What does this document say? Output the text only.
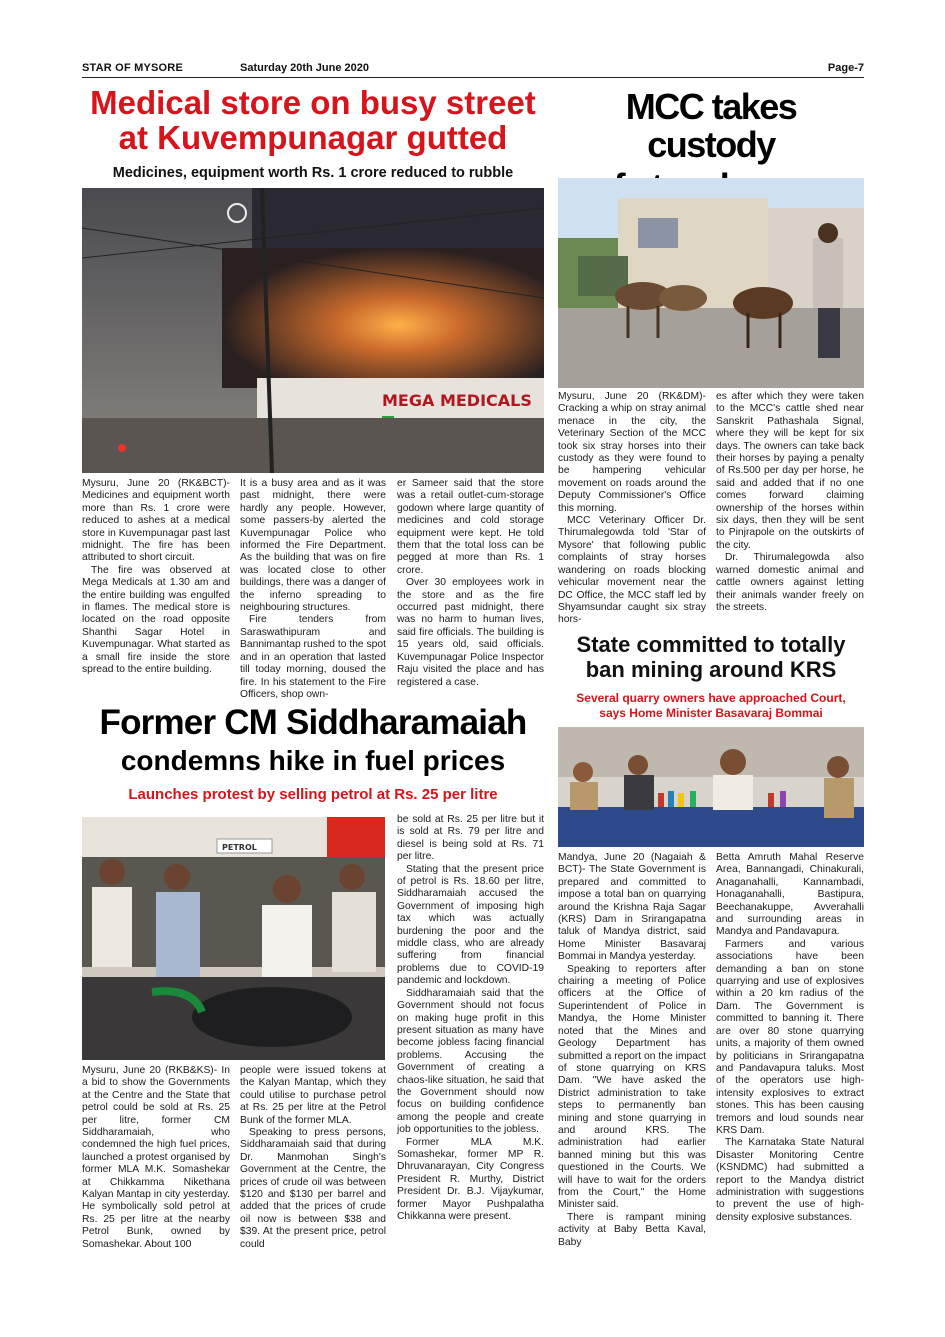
STAR OF MYSORE	Saturday 20th June 2020	Page-7
Medical store on busy street
at Kuvempunagar gutted
Medicines, equipment worth Rs. 1 crore reduced to rubble
MEGA MEDICALS

Mysuru, June 20 (RK&BCT)- Medicines and equipment worth more than Rs. 1 crore were reduced to ashes at a medical store in Kuvempunagar past last midnight. The fire has been attributed to short circuit.

The fire was observed at Mega Medicals at 1.30 am and the entire building was engulfed in flames. The medical store is located on the road opposite Shanthi Sagar Hotel in Kuvempunagar. What started as a small fire inside the store spread to the entire building.

It is a busy area and as it was past midnight, there were hardly any people. However, some passers-by alerted the Kuvempunagar Police who informed the Fire Department. As the building that was on fire was located close to other buildings, there was a danger of the inferno spreading to neighbouring structures.

Fire tenders from Saraswathipuram and Bannimantap rushed to the spot and in an operation that lasted till today morning, doused the fire. In his statement to the Fire Officers, shop own-

er Sameer said that the store was a retail outlet-cum-storage godown where large quantity of medicines and cold storage equipment were kept. He told them that the total loss can be pegged at more than Rs. 1 crore.

Over 30 employees work in the store and as the fire occurred past midnight, there was no harm to human lives, said fire officials. The building is 15 years old, said officials. Kuvempunagar Police Inspector Raju visited the place and has registered a case.

MCC takes custody

Mysuru, June 20 (RK&DM)- Cracking a whip on stray animal menace in the city, the Veterinary Section of the MCC took six stray horses into their custody as they were found to be hampering vehicular movement on roads around the Deputy Commissioner's Office this morning.

MCC Veterinary Officer Dr. Thirumalegowda told 'Star of Mysore' that following public complaints of stray horses wandering on roads blocking vehicular movement near the DC Office, the MCC staff led by Shyamsundar caught six stray hors-

es after which they were taken to the MCC's cattle shed near Sanskrit Pathashala Signal, where they will be kept for six days. The owners can take back their horses by paying a penalty of Rs.500 per day per horse, he said and added that if no one comes forward claiming ownership of the horses within six days, then they will be sent to Pinjrapole on the outskirts of the city.

Dr. Thirumalegowda also warned domestic animal and cattle owners against letting their animals wander freely on the streets.

State committed to totally
ban mining around KRS
Several quarry owners have approached Court,
says Home Minister Basavaraj Bommai

Mandya, June 20 (Nagaiah & BCT)- The State Government is prepared and committed to impose a total ban on quarrying around the Krishna Raja Sagar (KRS) Dam in Srirangapatna taluk of Mandya district, said Home Minister Basavaraj Bommai in Mandya yesterday.

Speaking to reporters after chairing a meeting of Police officers at the Office of Superintendent of Police in Mandya, the Home Minister noted that the Mines and Geology Department has submitted a report on the impact of stone quarrying on KRS Dam. "We have asked the District administration to take steps to permanently ban mining and stone quarrying in and around KRS. The administration had earlier banned mining but this was questioned in the Courts. We will have to wait for the orders from the Court," the Home Minister said.

There is rampant mining activity at Baby Betta Kaval, Baby

Betta Amruth Mahal Reserve Area, Bannangadi, Chinakurali, Anaganahalli, Kannambadi, Honaganahalli, Bastipura, Beechanakuppe, Avverahalli and surrounding areas in Mandya and Pandavapura.

Farmers and various associations have been demanding a ban on stone quarrying and use of explosives within a 20 km radius of the Dam. The Government is committed to banning it. There are over 80 stone quarrying units, a majority of them owned by politicians in Srirangapatna and Pandavapura taluks. Most of the operators use high-intensity explosives to extract stones. This has been causing tremors and loud sounds near KRS Dam.

The Karnataka State Natural Disaster Monitoring Centre (KSNDMC) had submitted a report to the Mandya district administration with suggestions to prevent the use of high-density explosive substances.

Former CM Siddharamaiah
condemns hike in fuel prices
Launches protest by selling petrol at Rs. 25 per litre
PETROL

Mysuru, June 20 (RKB&KS)- In a bid to show the Governments at the Centre and the State that petrol could be sold at Rs. 25 per litre, former CM Siddharamaiah, who condemned the high fuel prices, launched a protest organised by former MLA M.K. Somashekar at Chikkamma Nikethana Kalyan Mantap in city yesterday. He symbolically sold petrol at Rs. 25 per litre at the nearby Petrol Bunk, owned by Somashekar. About 100

people were issued tokens at the Kalyan Mantap, which they could utilise to purchase petrol at Rs. 25 per litre at the Petrol Bunk of the former MLA.

Speaking to press persons, Siddharamaiah said that during Dr. Manmohan Singh's Government at the Centre, the prices of crude oil was between $120 and $130 per barrel and added that the prices of crude oil now is between $38 and $39. At the present price, petrol could

be sold at Rs. 25 per litre but it is sold at Rs. 79 per litre and diesel is being sold at Rs. 71 per litre.

Stating that the present price of petrol is Rs. 18.60 per litre, Siddharamaiah accused the Government of imposing high tax which was actually burdening the poor and the middle class, who are already suffering from financial problems due to COVID-19 pandemic and lockdown.

Siddharamaiah said that the Government should not focus on making huge profit in this present situation as many have become jobless facing financial problems. Accusing the Government of creating a chaos-like situation, he said that the Government should now focus on building confidence among the people and create job opportunities to the jobless.

Former MLA M.K. Somashekar, former MP R. Dhruvanarayan, City Congress President R. Murthy, District President Dr. B.J. Vijaykumar, former Mayor Pushpalatha Chikkanna were present.
